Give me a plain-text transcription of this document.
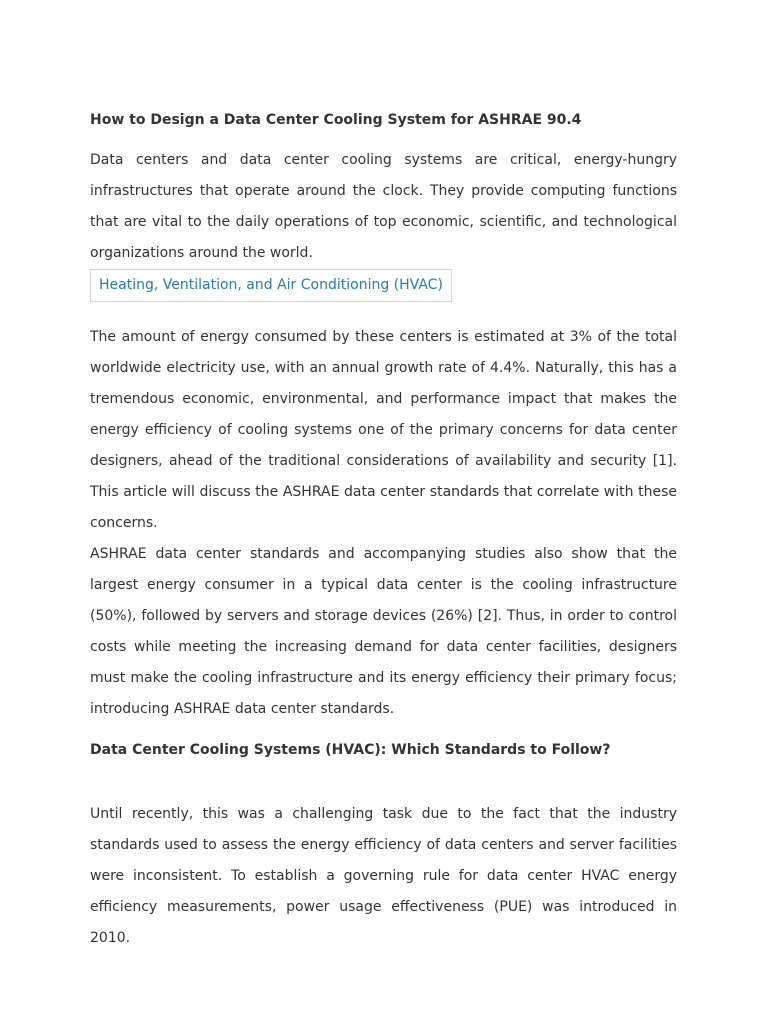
How to Design a Data Center Cooling System for ASHRAE 90.4

Data centers and data center cooling systems are critical, energy-hungry infrastructures that operate around the clock. They provide computing functions that are vital to the daily operations of top economic, scientific, and technological organizations around the world.

Heating, Ventilation, and Air Conditioning (HVAC)

The amount of energy consumed by these centers is estimated at 3% of the total worldwide electricity use, with an annual growth rate of 4.4%. Naturally, this has a tremendous economic, environmental, and performance impact that makes the energy efficiency of cooling systems one of the primary concerns for data center designers, ahead of the traditional considerations of availability and security [1]. This article will discuss the ASHRAE data center standards that correlate with these concerns.

ASHRAE data center standards and accompanying studies also show that the largest energy consumer in a typical data center is the cooling infrastructure (50%), followed by servers and storage devices (26%) [2]. Thus, in order to control costs while meeting the increasing demand for data center facilities, designers must make the cooling infrastructure and its energy efficiency their primary focus; introducing ASHRAE data center standards.

Data Center Cooling Systems (HVAC): Which Standards to Follow?

Until recently, this was a challenging task due to the fact that the industry standards used to assess the energy efficiency of data centers and server facilities were inconsistent. To establish a governing rule for data center HVAC energy efficiency measurements, power usage effectiveness (PUE) was introduced in 2010.
